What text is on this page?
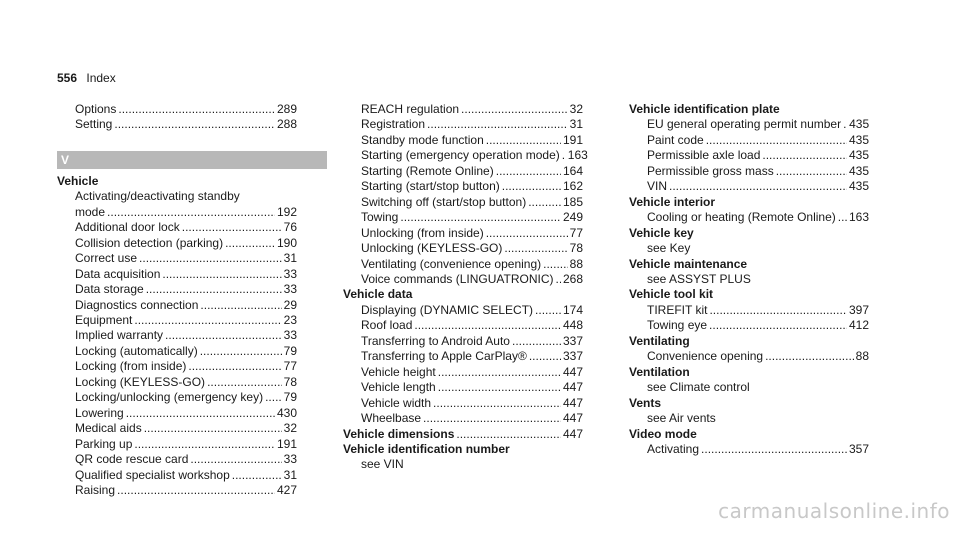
556 Index
Options .....	289
Setting .....	288
V
Vehicle
Activating/deactivating standby
mode .....	192
Additional door lock .....	76
Collision detection (parking) .....	190
Correct use .....	31
Data acquisition .....	33
Data storage .....	33
Diagnostics connection .....	29
Equipment .....	23
Implied warranty .....	33
Locking (automatically) .....	79
Locking (from inside) .....	77
Locking (KEYLESS-GO) .....	78
Locking/unlocking (emergency key) ..... 79
Lowering .....	430
Medical aids .....	32
Parking up .....	191
QR code rescue card .....	33
Qualified specialist workshop .....	31
Raising .....	427
REACH regulation .....	32
Registration .....	31
Standby mode function .....	191
Starting (emergency operation mode) ..... 163
Starting (Remote Online) .....	164
Starting (start/stop button) .....	162
Switching off (start/stop button) .....	185
Towing .....	249
Unlocking (from inside) .....	77
Unlocking (KEYLESS-GO) .....	78
Ventilating (convenience opening) ..... 88
Voice commands (LINGUATRONIC) ..... 268
Vehicle data
Displaying (DYNAMIC SELECT) ..... 174
Roof load .....	448
Transferring to Android Auto .....	337
Transferring to Apple CarPlay® .....	337
Vehicle height .....	447
Vehicle length .....	447
Vehicle width .....	447
Wheelbase .....	447
Vehicle dimensions .....	447
Vehicle identification number
see VIN
Vehicle identification plate
EU general operating permit number ..... 435
Paint code .....	435
Permissible axle load .....	435
Permissible gross mass .....	435
VIN .....	435
Vehicle interior
Cooling or heating (Remote Online) ..... 163
Vehicle key
see Key
Vehicle maintenance
see ASSYST PLUS
Vehicle tool kit
TIREFIT kit .....	397
Towing eye .....	412
Ventilating
Convenience opening .....	88
Ventilation
see Climate control
Vents
see Air vents
Video mode
Activating .....	357
carmanualsonline.info
